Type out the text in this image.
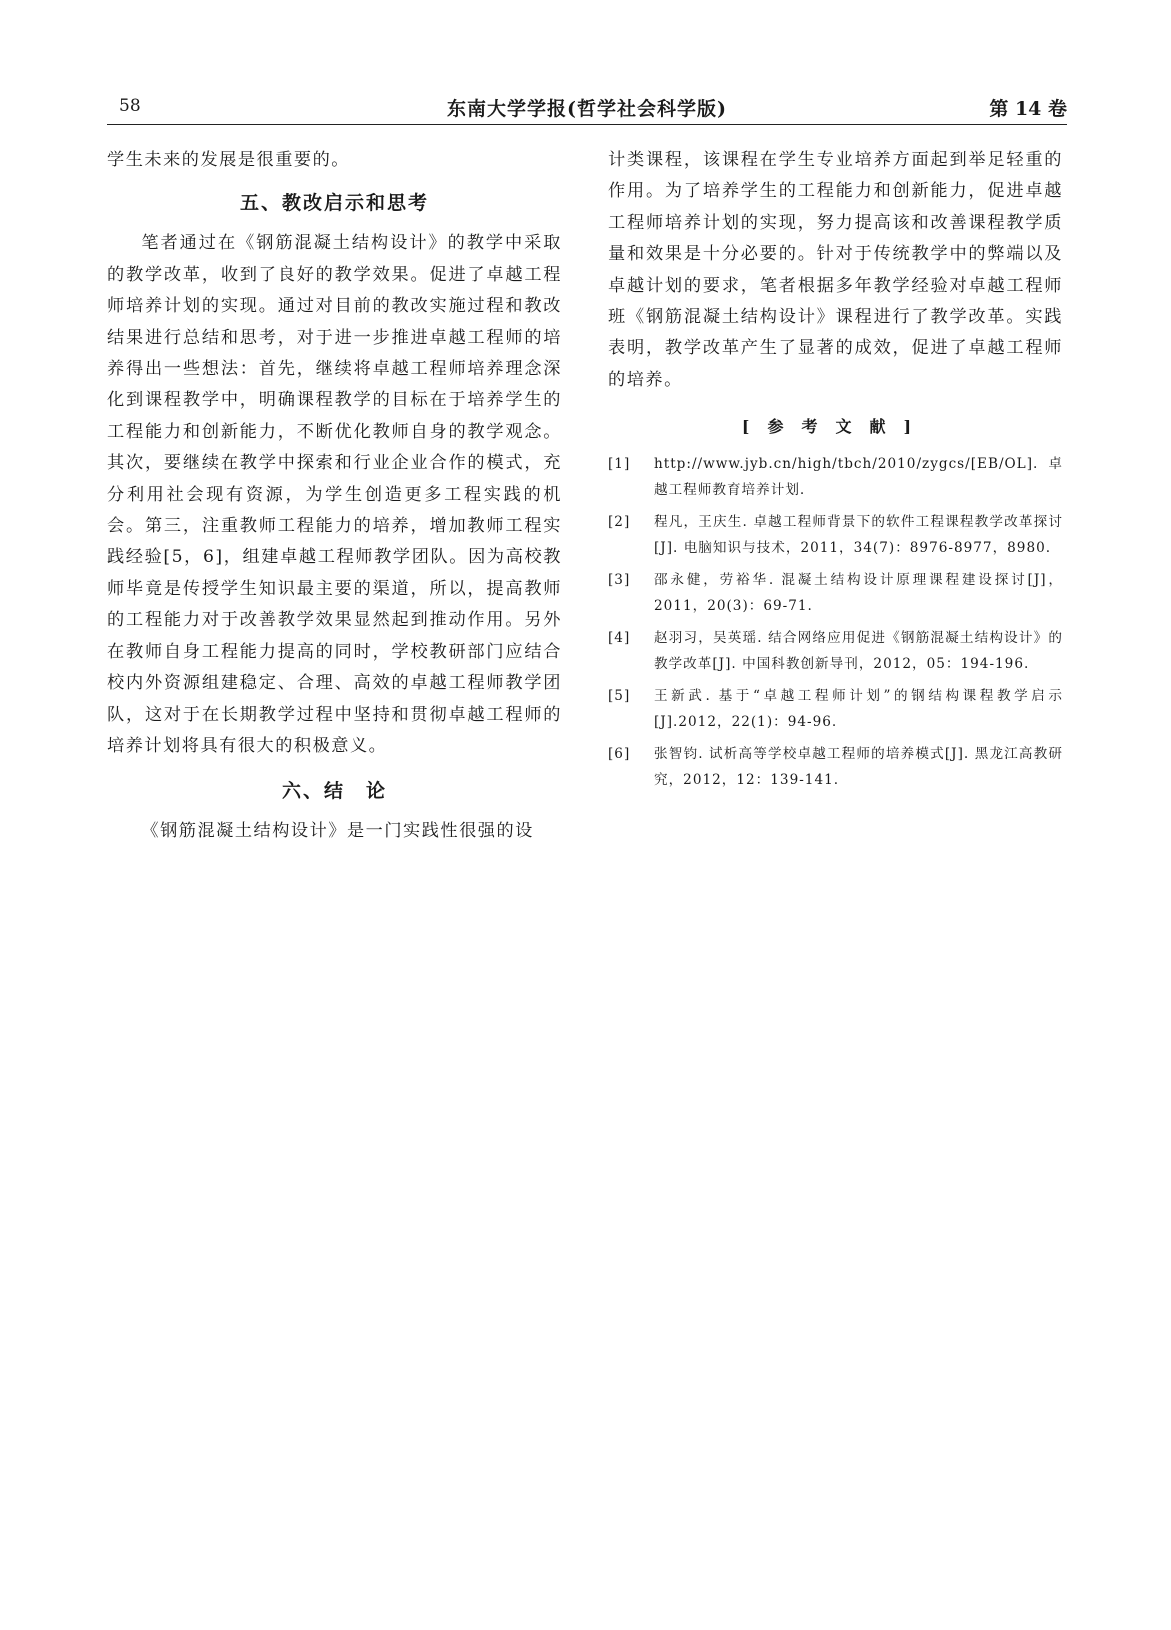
58	东南大学学报(哲学社会科学版)	第 14 卷

学生未来的发展是很重要的。

五、教改启示和思考

笔者通过在《钢筋混凝土结构设计》的教学中采取的教学改革，收到了良好的教学效果。促进了卓越工程师培养计划的实现。通过对目前的教改实施过程和教改结果进行总结和思考，对于进一步推进卓越工程师的培养得出一些想法：首先，继续将卓越工程师培养理念深化到课程教学中，明确课程教学的目标在于培养学生的工程能力和创新能力，不断优化教师自身的教学观念。其次，要继续在教学中探索和行业企业合作的模式，充分利用社会现有资源，为学生创造更多工程实践的机会。第三，注重教师工程能力的培养，增加教师工程实践经验[5，6]，组建卓越工程师教学团队。因为高校教师毕竟是传授学生知识最主要的渠道，所以，提高教师的工程能力对于改善教学效果显然起到推动作用。另外在教师自身工程能力提高的同时，学校教研部门应结合校内外资源组建稳定、合理、高效的卓越工程师教学团队，这对于在长期教学过程中坚持和贯彻卓越工程师的培养计划将具有很大的积极意义。

六、结　论

《钢筋混凝土结构设计》是一门实践性很强的设

计类课程，该课程在学生专业培养方面起到举足轻重的作用。为了培养学生的工程能力和创新能力，促进卓越工程师培养计划的实现，努力提高该和改善课程教学质量和效果是十分必要的。针对于传统教学中的弊端以及卓越计划的要求，笔者根据多年教学经验对卓越工程师班《钢筋混凝土结构设计》课程进行了教学改革。实践表明，教学改革产生了显著的成效，促进了卓越工程师的培养。

[参考文献]
[1] http://www.jyb.cn/high/tbch/2010/zygcs/[EB/OL].卓越工程师教育培养计划.
[2] 程凡，王庆生. 卓越工程师背景下的软件工程课程教学改革探讨[J]. 电脑知识与技术，2011，34(7)：8976-8977，8980.
[3] 邵永健，劳裕华. 混凝土结构设计原理课程建设探讨[J]，2011，20(3)：69-71.
[4] 赵羽习，吴英瑶. 结合网络应用促进《钢筋混凝土结构设计》的教学改革[J]. 中国科教创新导刊，2012，05：194-196.
[5] 王新武. 基于“卓越工程师计划”的钢结构课程教学启示[J].2012，22(1)：94-96.
[6] 张智钧. 试析高等学校卓越工程师的培养模式[J]. 黑龙江高教研究，2012，12：139-141.
